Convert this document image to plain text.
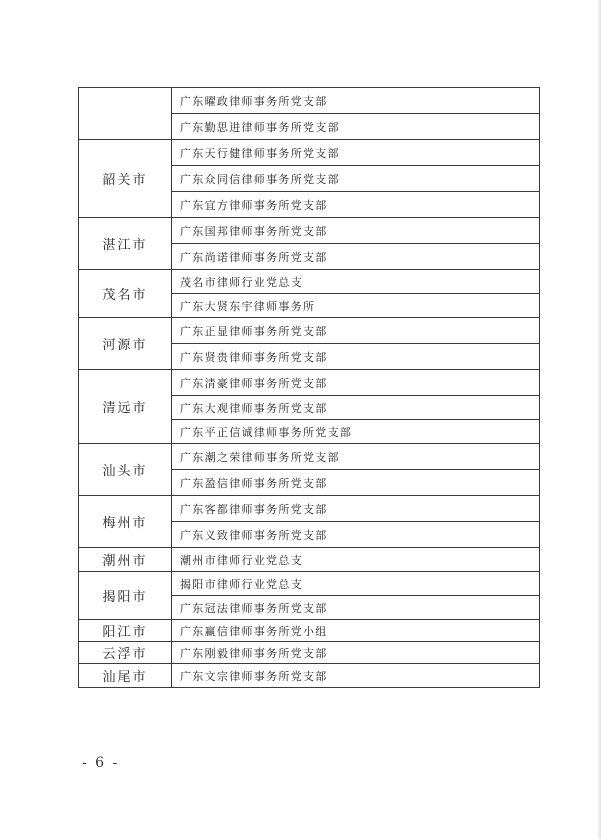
	广东曜政律师事务所党支部
	广东勤思进律师事务所党支部
韶关市	广东天行健律师事务所党支部
	广东众同信律师事务所党支部
	广东宜方律师事务所党支部
湛江市	广东国邦律师事务所党支部
	广东尚诺律师事务所党支部
茂名市	茂名市律师行业党总支
	广东大贤东宇律师事务所
河源市	广东正显律师事务所党支部
	广东贤贵律师事务所党支部
清远市	广东清豪律师事务所党支部
	广东大观律师事务所党支部
	广东平正信诚律师事务所党支部
汕头市	广东潮之荣律师事务所党支部
	广东盈信律师事务所党支部
梅州市	广东客都律师事务所党支部
	广东义致律师事务所党支部
潮州市	潮州市律师行业党总支
揭阳市	揭阳市律师行业党总支
	广东冠法律师事务所党支部
阳江市	广东赢信律师事务所党小组
云浮市	广东刚毅律师事务所党支部
汕尾市	广东文宗律师事务所党支部
- 6 -
